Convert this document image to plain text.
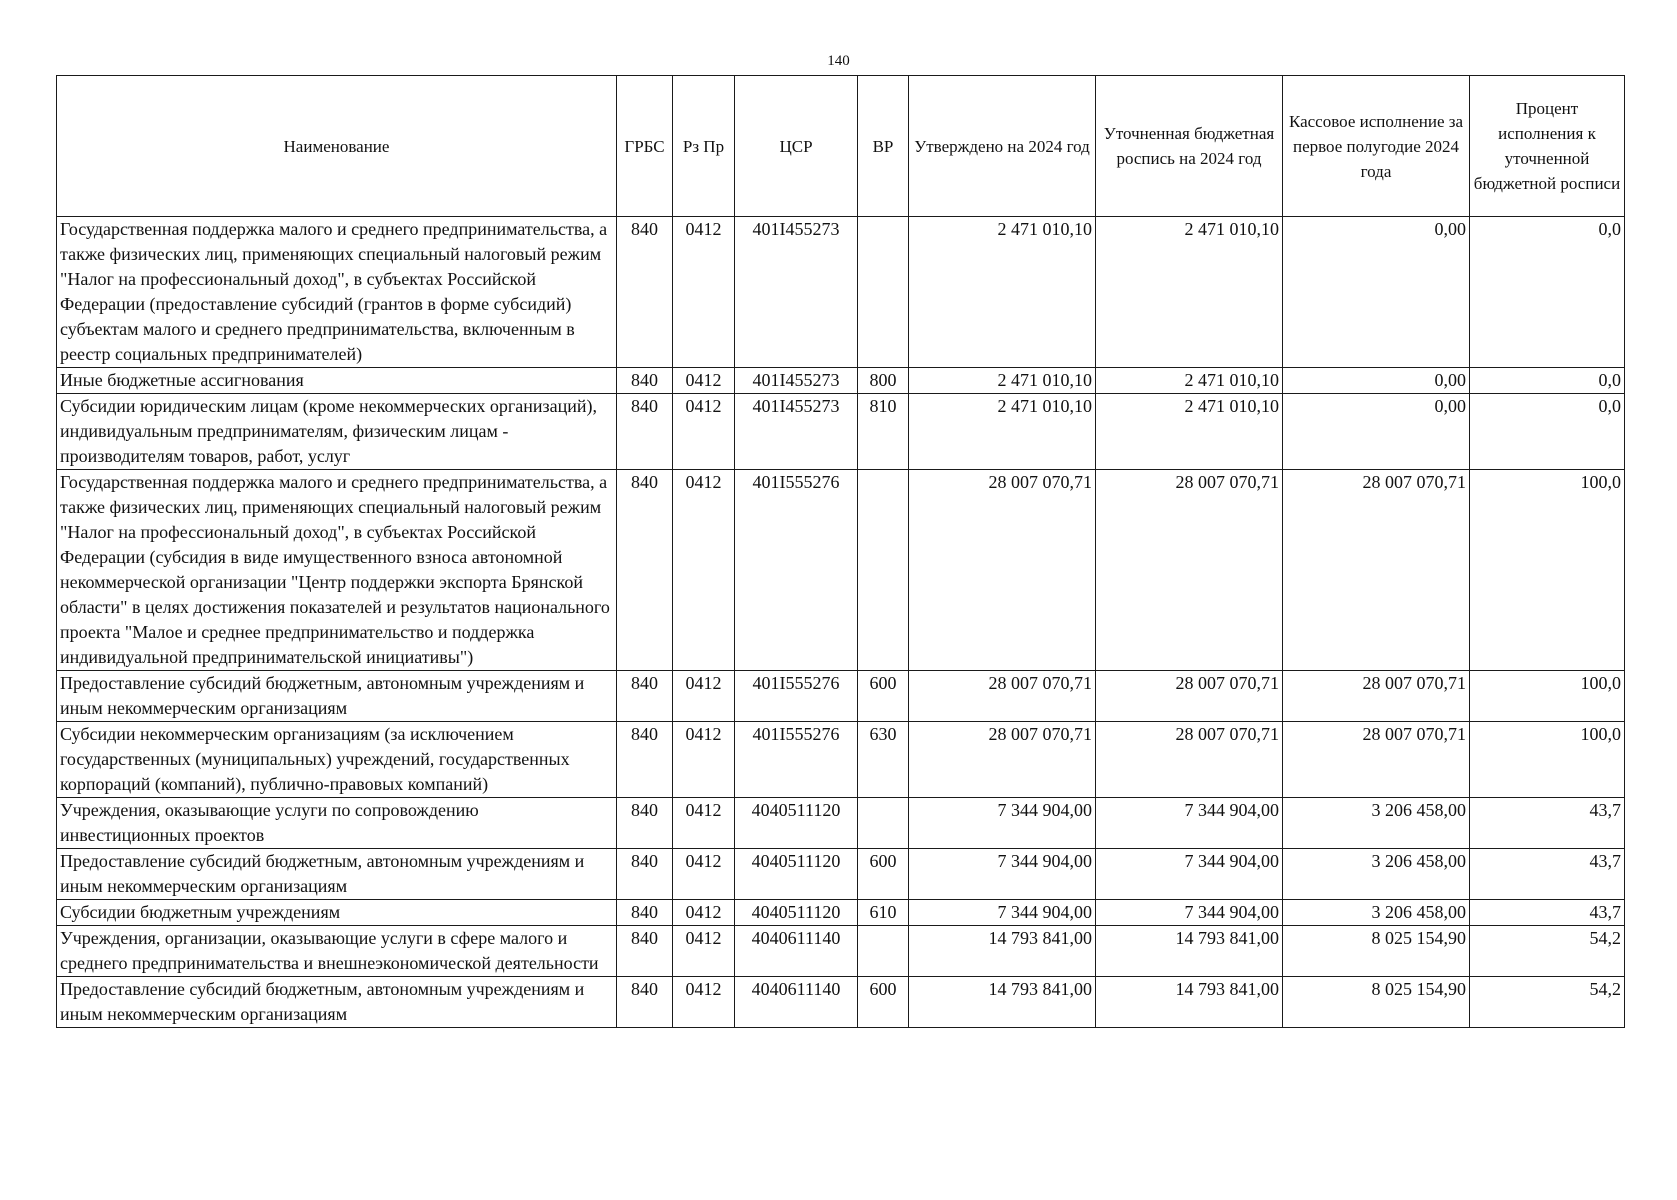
140
Наименование	ГРБС	Рз Пр	ЦСР	ВР	Утверждено на 2024 год	Уточненная бюджетная роспись на 2024 год	Кассовое исполнение за первое полугодие 2024 года	Процент исполнения к уточненной бюджетной росписи
Государственная поддержка малого и среднего предпринимательства, а также физических лиц, применяющих специальный налоговый режим "Налог на профессиональный доход", в субъектах Российской Федерации (предоставление субсидий (грантов в форме субсидий) субъектам малого и среднего предпринимательства, включенным в реестр социальных предпринимателей)	840	0412	401I455273		2 471 010,10	2 471 010,10	0,00	0,0
Иные бюджетные ассигнования	840	0412	401I455273	800	2 471 010,10	2 471 010,10	0,00	0,0
Субсидии юридическим лицам (кроме некоммерческих организаций), индивидуальным предпринимателям, физическим лицам - производителям товаров, работ, услуг	840	0412	401I455273	810	2 471 010,10	2 471 010,10	0,00	0,0
Государственная поддержка малого и среднего предпринимательства, а также физических лиц, применяющих специальный налоговый режим "Налог на профессиональный доход", в субъектах Российской Федерации (субсидия в виде имущественного взноса автономной некоммерческой организации "Центр поддержки экспорта Брянской области" в целях достижения показателей и результатов национального проекта "Малое и среднее предпринимательство и поддержка индивидуальной предпринимательской инициативы")	840	0412	401I555276		28 007 070,71	28 007 070,71	28 007 070,71	100,0
Предоставление субсидий бюджетным, автономным учреждениям и иным некоммерческим организациям	840	0412	401I555276	600	28 007 070,71	28 007 070,71	28 007 070,71	100,0
Субсидии некоммерческим организациям (за исключением государственных (муниципальных) учреждений, государственных корпораций (компаний), публично-правовых компаний)	840	0412	401I555276	630	28 007 070,71	28 007 070,71	28 007 070,71	100,0
Учреждения, оказывающие услуги по сопровождению инвестиционных проектов	840	0412	4040511120		7 344 904,00	7 344 904,00	3 206 458,00	43,7
Предоставление субсидий бюджетным, автономным учреждениям и иным некоммерческим организациям	840	0412	4040511120	600	7 344 904,00	7 344 904,00	3 206 458,00	43,7
Субсидии бюджетным учреждениям	840	0412	4040511120	610	7 344 904,00	7 344 904,00	3 206 458,00	43,7
Учреждения, организации, оказывающие услуги в сфере малого и среднего предпринимательства и внешнеэкономической деятельности	840	0412	4040611140		14 793 841,00	14 793 841,00	8 025 154,90	54,2
Предоставление субсидий бюджетным, автономным учреждениям и иным некоммерческим организациям	840	0412	4040611140	600	14 793 841,00	14 793 841,00	8 025 154,90	54,2
